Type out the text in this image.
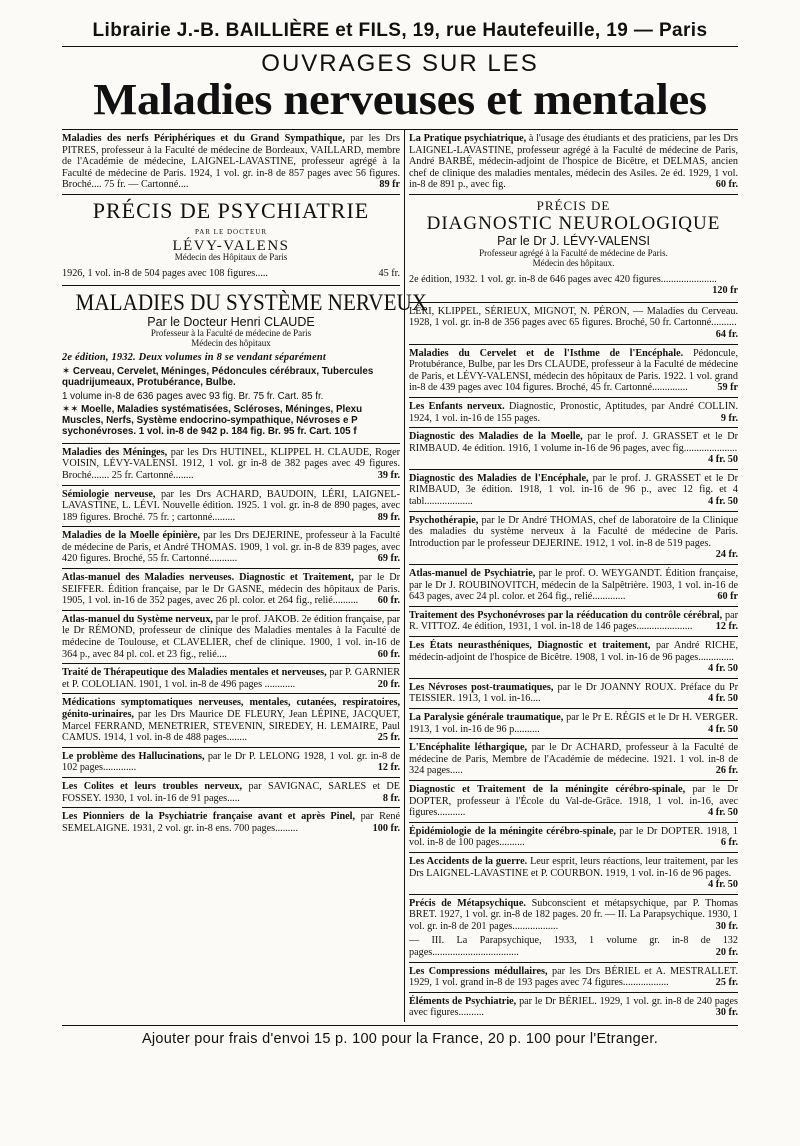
Librairie J.-B. BAILLIÈRE et FILS, 19, rue Hautefeuille, 19 — Paris
OUVRAGES SUR LES
Maladies nerveuses et mentales
Maladies des nerfs Périphériques et du Grand Sympathique, par les Drs PITRES, professeur à la Faculté de médecine de Bordeaux, VAILLARD, membre de l'Académie de médecine, LAIGNEL-LAVASTINE, professeur agrégé à la Faculté de médecine de Paris. 1924, 1 vol. gr. in-8 de 857 pages avec 56 figures. Broché.... 75 fr. — Cartonné....	89 fr
PRÉCIS DE PSYCHIATRIE
PAR LE DOCTEUR
LÉVY-VALENS
Médecin des Hôpitaux de Paris
1926, 1 vol. in-8 de 504 pages avec 108 figures.....	45 fr.
MALADIES DU SYSTÈME NERVEUX
Par le Docteur Henri CLAUDE
Professeur à la Faculté de médecine de Paris
Médecin des hôpitaux
2e édition, 1932. Deux volumes in 8 se vendant séparément
✶ Cerveau, Cervelet, Méninges, Pédoncules cérébraux, Tubercules quadrijumeaux, Protubérance, Bulbe.
1 volume in-8 de 636 pages avec 93 fig. Br. 75 fr. Cart. 85 fr.
✶✶ Moelle, Maladies systématisées, Scléroses, Méninges, Plexu Muscles, Nerfs, Système endocrino-sympathique, Névroses e P sychonévroses. 1 vol. in-8 de 942 p. 184 fig. Br. 95 fr. Cart. 105 f
Maladies des Méninges, par les Drs HUTINEL, KLIPPEL H. CLAUDE, Roger VOISIN, LÉVY-VALENSI. 1912, 1 vol. gr in-8 de 382 pages avec 49 figures. Broché....... 25 fr. Cartonné........	39 fr.
Sémiologie nerveuse, par les Drs ACHARD, BAUDOIN, LÉRI, LAIGNEL-LAVASTINE, L. LÉVI. Nouvelle édition. 1925. 1 vol. gr. in-8 de 890 pages, avec 189 figures. Broché. 75 fr. ; cartonné.........	89 fr.
Maladies de la Moelle épinière, par les Drs DEJERINE, professeur à la Faculté de médecine de Paris, et André THOMAS. 1909, 1 vol. gr. in-8 de 839 pages, avec 420 figures. Broché, 55 fr. Cartonné...........	69 fr.
Atlas-manuel des Maladies nerveuses. Diagnostic et Traitement, par le Dr SEIFFER. Édition française, par le Dr GASNE, médecin des hôpitaux de Paris. 1905, 1 vol. in-16 de 352 pages, avec 26 pl. color. et 264 fig., relié..........	60 fr.
Atlas-manuel du Système nerveux, par le prof. JAKOB. 2e édition française, par le Dr RÉMOND, professeur de clinique des Maladies mentales à la Faculté de médecine de Toulouse, et CLAVELIER, chef de clinique. 1900, 1 vol. in-16 de 364 p., avec 84 pl. col. et 23 fig., relié....	60 fr.
Traité de Thérapeutique des Maladies mentales et nerveuses, par P. GARNIER et P. COLOLIAN. 1901, 1 vol. in-8 de 496 pages ............	20 fr.
Médications symptomatiques nerveuses, mentales, cutanées, respiratoires, génito-urinaires, par les Drs Maurice DE FLEURY, Jean LÉPINE, JACQUET, Marcel FERRAND, MENETRIER, STEVENIN, SIREDEY, H. LEMAIRE, Paul CAMUS. 1914, 1 vol. in-8 de 488 pages........	25 fr.
Le problème des Hallucinations, par le Dr P. LELONG 1928, 1 vol. gr. in-8 de 102 pages.............	12 fr.
Les Colites et leurs troubles nerveux, par SAVIGNAC, SARLES et DE FOSSEY. 1930, 1 vol. in-16 de 91 pages.....	8 fr.
Les Pionniers de la Psychiatrie française avant et après Pinel, par René SEMELAIGNE. 1931, 2 vol. gr. in-8 ens. 700 pages.........	100 fr.
La Pratique psychiatrique, à l'usage des étudiants et des praticiens, par les Drs LAIGNEL-LAVASTINE, professeur agrégé à la Faculté de médecine de Paris, André BARBÉ, médecin-adjoint de l'hospice de Bicêtre, et DELMAS, ancien chef de clinique des maladies mentales, médecin des Asiles. 2e éd. 1929, 1 vol. in-8 de 891 p., avec fig.	60 fr.
PRÉCIS DE
DIAGNOSTIC NEUROLOGIQUE
Par le Dr J. LÉVY-VALENSI
Professeur agrégé à la Faculté de médecine de Paris.
Médecin des hôpitaux.
2e édition, 1932. 1 vol. gr. in-8 de 646 pages avec 420 figures......................
120 fr
LÉRI, KLIPPEL, SÉRIEUX, MIGNOT, N. PÉRON, — Maladies du Cerveau. 1928, 1 vol. gr. in-8 de 356 pages avec 65 figures. Broché, 50 fr. Cartonné..........
64 fr.
Maladies du Cervelet et de l'Isthme de l'Encéphale. Pédoncule, Protubérance, Bulbe, par les Drs CLAUDE, professeur à la Faculté de médecine de Paris, et LÉVY-VALENSI, médecin des hôpitaux de Paris. 1922. 1 vol. grand in-8 de 439 pages avec 104 figures. Broché, 45 fr. Cartonné..............	59 fr
Les Enfants nerveux. Diagnostic, Pronostic, Aptitudes, par André COLLIN. 1924, 1 vol. in-16 de 155 pages.	9 fr.
Diagnostic des Maladies de la Moelle, par le prof. J. GRASSET et le Dr RIMBAUD. 4e édition. 1916, 1 volume in-16 de 96 pages, avec fig.....................
4 fr. 50
Diagnostic des Maladies de l'Encéphale, par le prof. J. GRASSET et le Dr RIMBAUD, 3e édition. 1918, 1 vol. in-16 de 96 p., avec 12 fig. et 4 tabl...................	4 fr. 50
Psychothérapie, par le Dr André THOMAS, chef de laboratoire de la Clinique des maladies du système nerveux à la Faculté de médecine de Paris. Introduction par le professeur DEJERINE. 1912, 1 vol. in-8 de 519 pages.
24 fr.
Atlas-manuel de Psychiatrie, par le prof. O. WEYGANDT. Édition française, par le Dr J. ROUBINOVITCH, médecin de la Salpêtrière. 1903, 1 vol. in-16 de 643 pages, avec 24 pl. color. et 264 fig., relié.............	60 fr
Traitement des Psychonévroses par la rééducation du contrôle cérébral, par R. VITTOZ. 4e édition, 1931, 1 vol. in-18 de 146 pages......................	12 fr.
Les États neurasthéniques, Diagnostic et traitement, par André RICHE, médecin-adjoint de l'hospice de Bicêtre. 1908, 1 vol. in-16 de 96 pages..............
4 fr. 50
Les Névroses post-traumatiques, par le Dr JOANNY ROUX. Préface du Pr TEISSIER. 1913, 1 vol. in-16....	4 fr. 50
La Paralysie générale traumatique, par le Pr E. RÉGIS et le Dr H. VERGER. 1913, 1 vol. in-16 de 96 p..........	4 fr. 50
L'Encéphalite léthargique, par le Dr ACHARD, professeur à la Faculté de médecine de Paris, Membre de l'Académie de médecine. 1921. 1 vol. in-8 de 324 pages.....	26 fr.
Diagnostic et Traitement de la méningite cérébro-spinale, par le Dr DOPTER, professeur à l'École du Val-de-Grâce. 1918, 1 vol. in-16, avec figures...........	4 fr. 50
Épidémiologie de la méningite cérébro-spinale, par le Dr DOPTER. 1918, 1 vol. in-8 de 100 pages..........	6 fr.
Les Accidents de la guerre. Leur esprit, leurs réactions, leur traitement, par les Drs LAIGNEL-LAVASTINE et P. COURBON. 1919, 1 vol. in-16 de 96 pages.
4 fr. 50
Précis de Métapsychique. Subconscient et métapsychique, par P. Thomas BRET. 1927, 1 vol. gr. in-8 de 182 pages. 20 fr. — II. La Parapsychique. 1930, 1 vol. gr. in-8 de 201 pages..................	30 fr.
— III. La Parapsychique, 1933, 1 volume gr. in-8 de 132 pages..................................	20 fr.
Les Compressions médullaires, par les Drs BÉRIEL et A. MESTRALLET. 1929, 1 vol. grand in-8 de 193 pages avec 74 figures..................	25 fr.
Éléments de Psychiatrie, par le Dr BÉRIEL. 1929, 1 vol. gr. in-8 de 240 pages avec figures..........	30 fr.
Ajouter pour frais d'envoi 15 p. 100 pour la France, 20 p. 100 pour l'Etranger.
